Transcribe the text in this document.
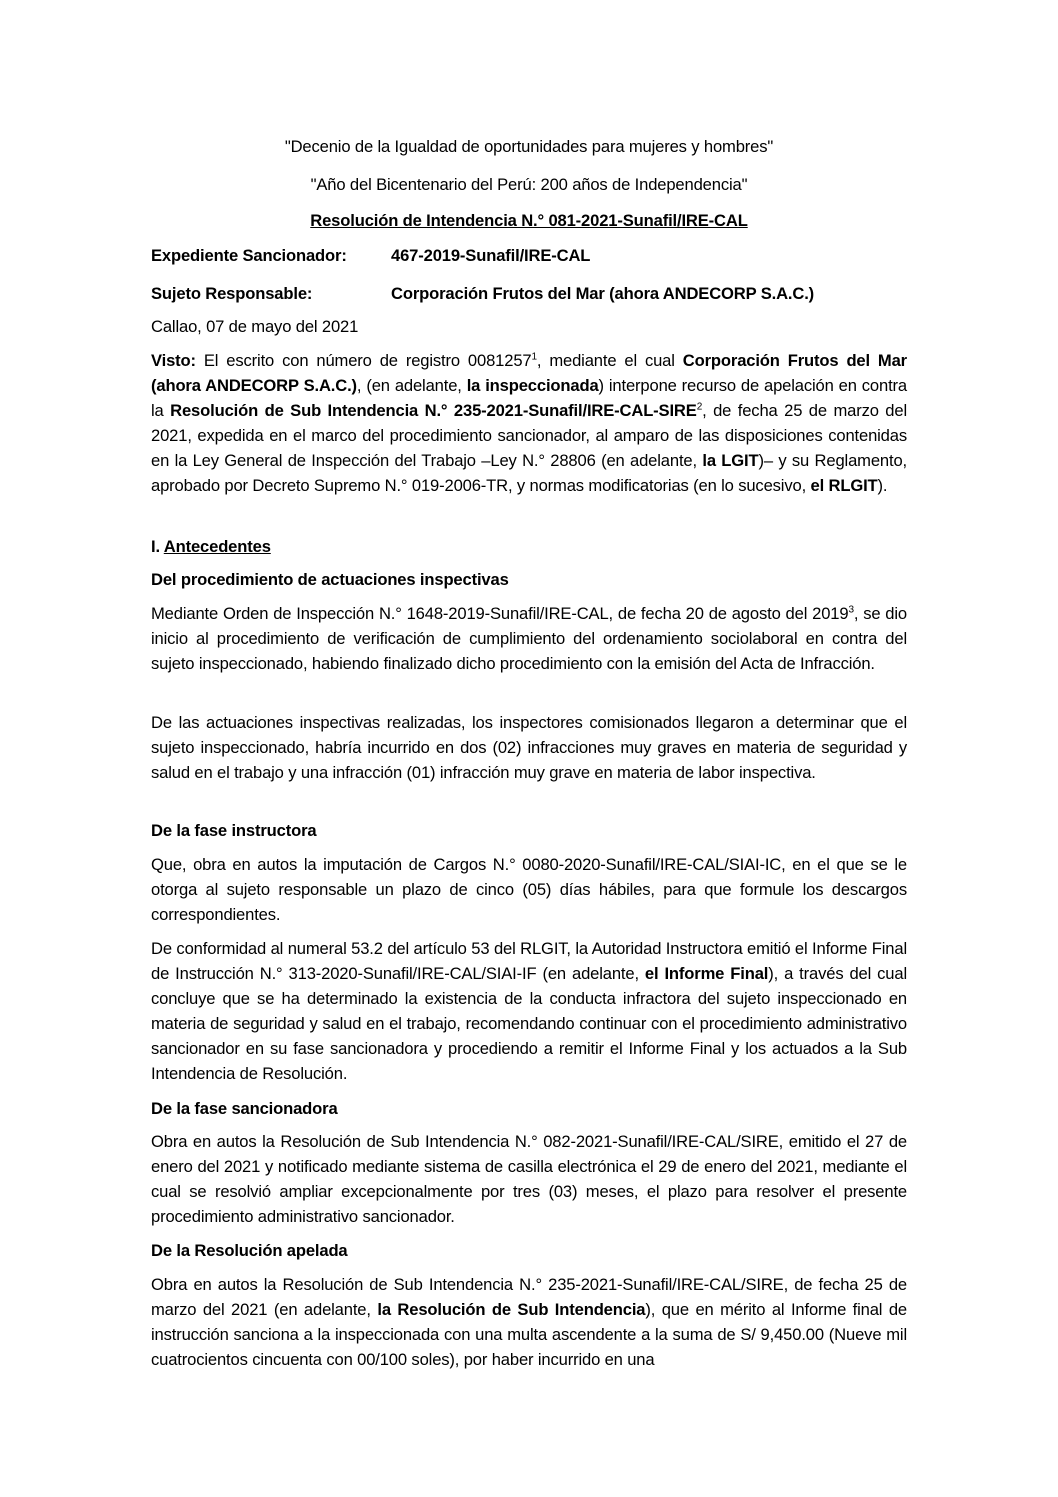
"Decenio de la Igualdad de oportunidades para mujeres y hombres"
"Año del Bicentenario del Perú: 200 años de Independencia"
Resolución de Intendencia N.° 081-2021-Sunafil/IRE-CAL
Expediente Sancionador:	467-2019-Sunafil/IRE-CAL
Sujeto Responsable:	Corporación Frutos del Mar (ahora ANDECORP S.A.C.)

Callao, 07 de mayo del 2021

Visto: El escrito con número de registro 0081257$^1$, mediante el cual Corporación Frutos del Mar (ahora ANDECORP S.A.C.), (en adelante, la inspeccionada) interpone recurso de apelación en contra la Resolución de Sub Intendencia N.° 235-2021-Sunafil/IRE-CAL-SIRE$^2$, de fecha 25 de marzo del 2021, expedida en el marco del procedimiento sancionador, al amparo de las disposiciones contenidas en la Ley General de Inspección del Trabajo –Ley N.° 28806 (en adelante, la LGIT)– y su Reglamento, aprobado por Decreto Supremo N.° 019-2006-TR, y normas modificatorias (en lo sucesivo, el RLGIT).

I. Antecedentes

Del procedimiento de actuaciones inspectivas

Mediante Orden de Inspección N.° 1648-2019-Sunafil/IRE-CAL, de fecha 20 de agosto del 2019$^3$, se dio inicio al procedimiento de verificación de cumplimiento del ordenamiento sociolaboral en contra del sujeto inspeccionado, habiendo finalizado dicho procedimiento con la emisión del Acta de Infracción.

De las actuaciones inspectivas realizadas, los inspectores comisionados llegaron a determinar que el sujeto inspeccionado, habría incurrido en dos (02) infracciones muy graves en materia de seguridad y salud en el trabajo y una infracción (01) infracción muy grave en materia de labor inspectiva.

De la fase instructora

Que, obra en autos la imputación de Cargos N.° 0080-2020-Sunafil/IRE-CAL/SIAI-IC, en el que se le otorga al sujeto responsable un plazo de cinco (05) días hábiles, para que formule los descargos correspondientes.

De conformidad al numeral 53.2 del artículo 53 del RLGIT, la Autoridad Instructora emitió el Informe Final de Instrucción N.° 313-2020-Sunafil/IRE-CAL/SIAI-IF (en adelante, el Informe Final), a través del cual concluye que se ha determinado la existencia de la conducta infractora del sujeto inspeccionado en materia de seguridad y salud en el trabajo, recomendando continuar con el procedimiento administrativo sancionador en su fase sancionadora y procediendo a remitir el Informe Final y los actuados a la Sub Intendencia de Resolución.

De la fase sancionadora

Obra en autos la Resolución de Sub Intendencia N.° 082-2021-Sunafil/IRE-CAL/SIRE, emitido el 27 de enero del 2021 y notificado mediante sistema de casilla electrónica el 29 de enero del 2021, mediante el cual se resolvió ampliar excepcionalmente por tres (03) meses, el plazo para resolver el presente procedimiento administrativo sancionador.

De la Resolución apelada

Obra en autos la Resolución de Sub Intendencia N.° 235-2021-Sunafil/IRE-CAL/SIRE, de fecha 25 de marzo del 2021 (en adelante, la Resolución de Sub Intendencia), que en mérito al Informe final de instrucción sanciona a la inspeccionada con una multa ascendente a la suma de S/ 9,450.00 (Nueve mil cuatrocientos cincuenta con 00/100 soles), por haber incurrido en una
